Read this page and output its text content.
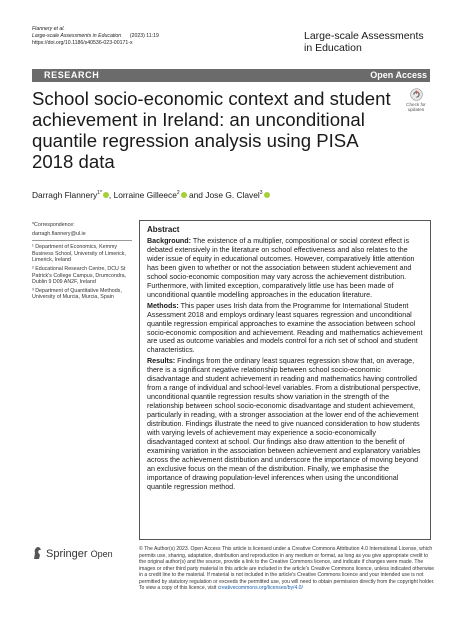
Flannery et al.
Large-scale Assessments in Education (2023) 11:19
https://doi.org/10.1186/s40536-023-00171-x
Large-scale Assessments in Education
RESEARCH	Open Access
Check for
updates
School socio-economic context and student achievement in Ireland: an unconditional quantile regression analysis using PISA 2018 data
Darragh Flannery$^{1*}$ , Lorraine Gilleece$^2$ and Jose G. Clavel$^3$
*Correspondence:
darragh.flannery@ul.ie
¹ Department of Economics, Kemmy Business School, University of Limerick, Limerick, Ireland
² Educational Research Centre, DCU St Patrick's College Campus, Drumcondra, Dublin 9 D09 AN2F, Ireland
³ Department of Quantitative Methods, University of Murcia, Murcia, Spain
Abstract

Background: The existence of a multiplier, compositional or social context effect is debated extensively in the literature on school effectiveness and also relates to the wider issue of equity in educational outcomes. However, comparatively little attention has been given to whether or not the association between student achievement and school socio-economic composition may vary across the achievement distribution. Furthermore, with limited exception, comparatively little use has been made of unconditional quantile modelling approaches in the education literature.

Methods: This paper uses Irish data from the Programme for International Student Assessment 2018 and employs ordinary least squares regression and unconditional quantile regression empirical approaches to examine the association between school socio-economic composition and achievement. Reading and mathematics achievement are used as outcome variables and models control for a rich set of school and student characteristics.

Results: Findings from the ordinary least squares regression show that, on average, there is a significant negative relationship between school socio-economic disadvantage and student achievement in reading and mathematics having controlled from a range of individual and school-level variables. From a distributional perspective, unconditional quantile regression results show variation in the strength of the relationship between school socio-economic disadvantage and student achievement, particularly in reading, with a stronger association at the lower end of the achievement distribution. Findings illustrate the need to give nuanced consideration to how students with varying levels of achievement may experience a socio-economically disadvantaged context at school. Our findings also draw attention to the benefit of examining variation in the association between achievement and explanatory variables across the achievement distribution and underscore the importance of moving beyond an exclusive focus on the mean of the distribution. Finally, we emphasise the importance of drawing population-level inferences when using the unconditional quantile regression method.

Springer Open	© The Author(s) 2023. Open Access This article is licensed under a Creative Commons Attribution 4.0 International License, which permits use, sharing, adaptation, distribution and reproduction in any medium or format, as long as you give appropriate credit to the original author(s) and the source, provide a link to the Creative Commons licence, and indicate if changes were made. The images or other third party material in this article are included in the article's Creative Commons licence, unless indicated otherwise in a credit line to the material. If material is not included in the article's Creative Commons licence and your intended use is not permitted by statutory regulation or exceeds the permitted use, you will need to obtain permission directly from the copyright holder. To view a copy of this licence, visit creativecommons.org/licenses/by/4.0/
